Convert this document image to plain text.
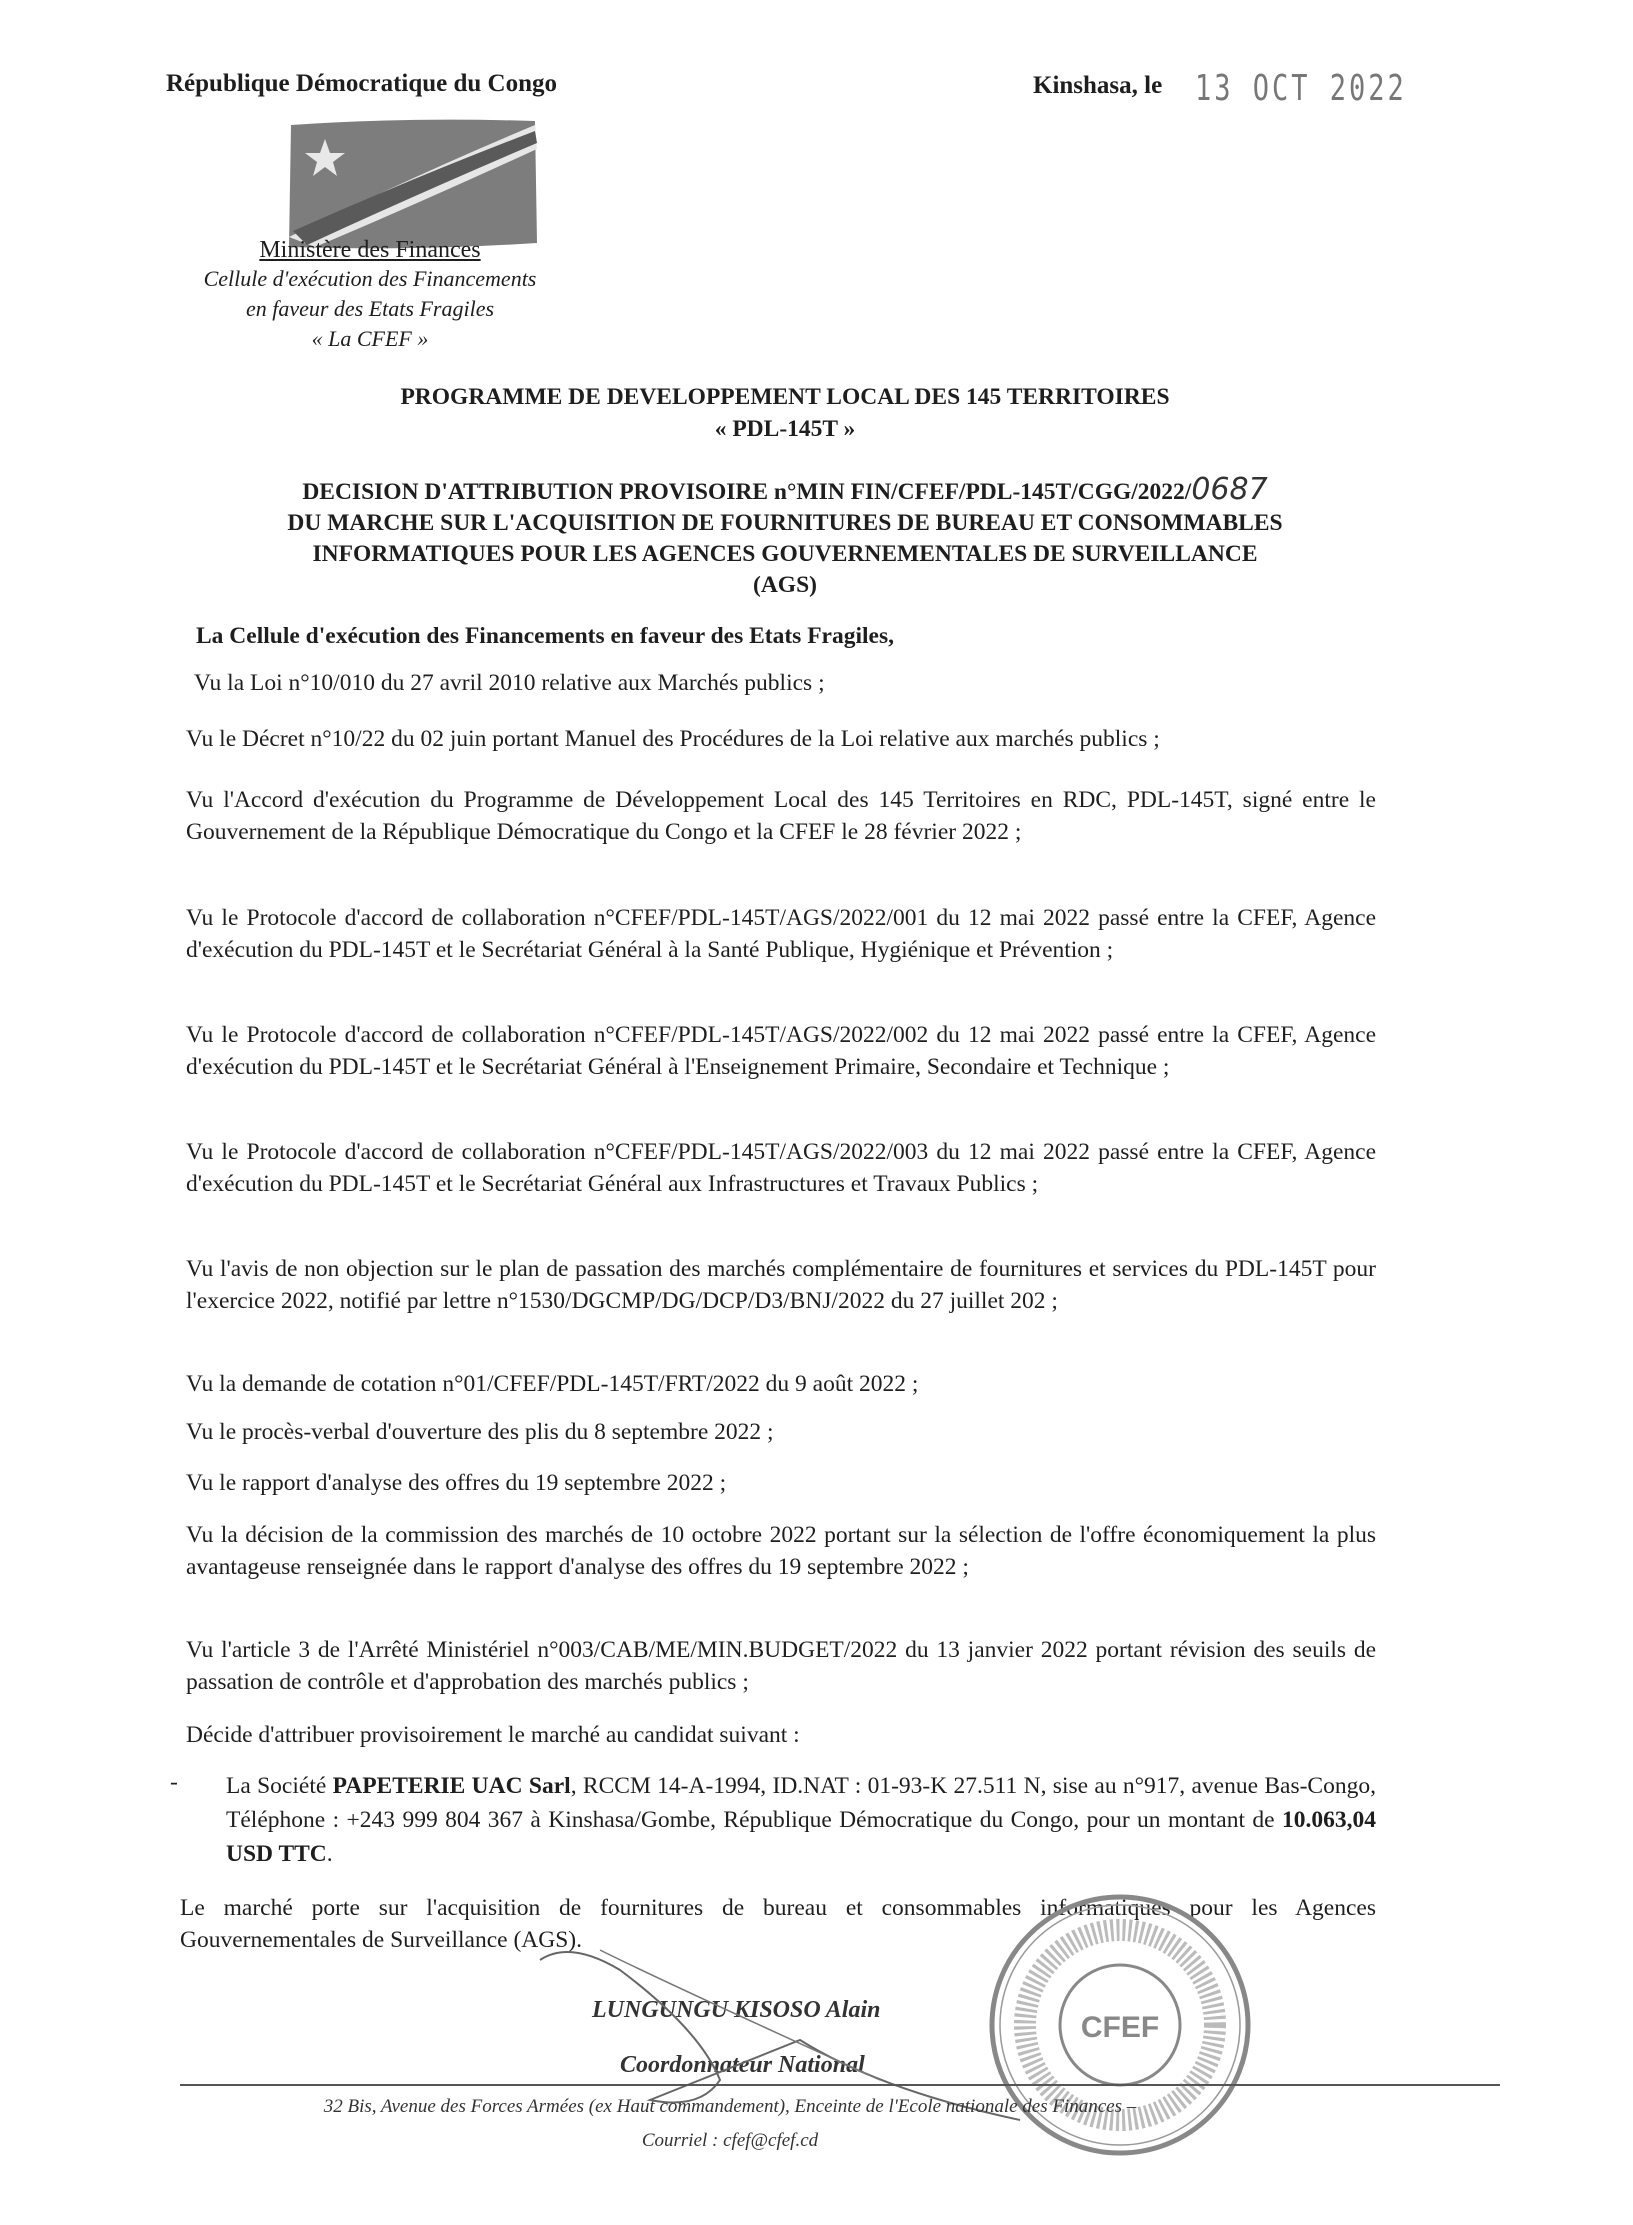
République Démocratique du Congo	Kinshasa, le 13 OCT 2022
Ministère des Finances
Cellule d'exécution des Financements
en faveur des Etats Fragiles
« La CFEF »
PROGRAMME DE DEVELOPPEMENT LOCAL DES 145 TERRITOIRES
« PDL-145T »
DECISION D'ATTRIBUTION PROVISOIRE n°MIN FIN/CFEF/PDL-145T/CGG/2022/0687
DU MARCHE SUR L'ACQUISITION DE FOURNITURES DE BUREAU ET CONSOMMABLES
INFORMATIQUES POUR LES AGENCES GOUVERNEMENTALES DE SURVEILLANCE
(AGS)
La Cellule d'exécution des Financements en faveur des Etats Fragiles,
Vu la Loi n°10/010 du 27 avril 2010 relative aux Marchés publics ;
Vu le Décret n°10/22 du 02 juin portant Manuel des Procédures de la Loi relative aux marchés publics ;
Vu l'Accord d'exécution du Programme de Développement Local des 145 Territoires en RDC, PDL-145T, signé entre le Gouvernement de la République Démocratique du Congo et la CFEF le 28 février 2022 ;
Vu le Protocole d'accord de collaboration n°CFEF/PDL-145T/AGS/2022/001 du 12 mai 2022 passé entre la CFEF, Agence d'exécution du PDL-145T et le Secrétariat Général à la Santé Publique, Hygiénique et Prévention ;
Vu le Protocole d'accord de collaboration n°CFEF/PDL-145T/AGS/2022/002 du 12 mai 2022 passé entre la CFEF, Agence d'exécution du PDL-145T et le Secrétariat Général à l'Enseignement Primaire, Secondaire et Technique ;
Vu le Protocole d'accord de collaboration n°CFEF/PDL-145T/AGS/2022/003 du 12 mai 2022 passé entre la CFEF, Agence d'exécution du PDL-145T et le Secrétariat Général aux Infrastructures et Travaux Publics ;
Vu l'avis de non objection sur le plan de passation des marchés complémentaire de fournitures et services du PDL-145T pour l'exercice 2022, notifié par lettre n°1530/DGCMP/DG/DCP/D3/BNJ/2022 du 27 juillet 202 ;
Vu la demande de cotation n°01/CFEF/PDL-145T/FRT/2022 du 9 août 2022 ;
Vu le procès-verbal d'ouverture des plis du 8 septembre 2022 ;
Vu le rapport d'analyse des offres du 19 septembre 2022 ;
Vu la décision de la commission des marchés de 10 octobre 2022 portant sur la sélection de l'offre économiquement la plus avantageuse renseignée dans le rapport d'analyse des offres du 19 septembre 2022 ;
Vu l'article 3 de l'Arrêté Ministériel n°003/CAB/ME/MIN.BUDGET/2022 du 13 janvier 2022 portant révision des seuils de passation de contrôle et d'approbation des marchés publics ;
Décide d'attribuer provisoirement le marché au candidat suivant :
- La Société PAPETERIE UAC Sarl, RCCM 14-A-1994, ID.NAT : 01-93-K 27.511 N, sise au n°917, avenue Bas-Congo, Téléphone : +243 999 804 367 à Kinshasa/Gombe, République Démocratique du Congo, pour un montant de 10.063,04 USD TTC.
Le marché porte sur l'acquisition de fournitures de bureau et consommables informatiques pour les Agences Gouvernementales de Surveillance (AGS).
LUNGUNGU KISOSO Alain
Coordonnateur National
CFEF
32 Bis, Avenue des Forces Armées (ex Haut commandement), Enceinte de l'Ecole nationale des Finances –
Courriel : cfef@cfef.cd
